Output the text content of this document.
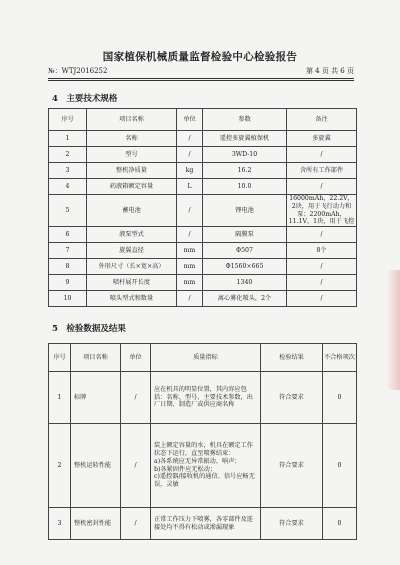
国家植保机械质量监督检验中心检验报告
№：WTJ2016252	第 4 页 共 6 页
4　主要技术规格
序号	项目名称	单位	参数	备注
1	名称	/	遥控多旋翼植保机	多旋翼
2	型号	/	3WD-10	/
3	整机净质量	kg	16.2	含所有工作部件
4	药液箱额定容量	L	10.0	/
5	蓄电池	/	锂电池	16000mAh，22.2V，2块，用于飞行动力和泵；2200mAh，11.1V，1块，用于飞控
6	液泵型式	/	隔膜泵	/
7	旋翼直径	mm	Φ507	8个
8	外形尺寸（长×宽×高）	mm	Φ1560×665	/
9	喷杆展开长度	mm	1340	/
10	喷头型式和数量	/	离心雾化喷头，2个	/
5　检验数据及结果
序号	项目名称	单位	质量指标	检验结果	不合格项次
1	标牌	/	应在机具的明显位置，其内容应包括：名称、型号、主要技术参数，出厂日期、制造厂或供应商名称	符合要求	0
2	整机运转性能	/	装上额定容量的水，机具在额定工作状态下运行，直至喷雾结束：
a)各系统应无异常振动、响声；
b)各紧固件应无松动；
c)遥控器/接收机的通信、信号应畅无误，灵敏	符合要求	0
3	整机密封性能	/	正常工作压力下喷雾，各零部件及连接处均不得有松动或渗漏现象	符合要求	0
